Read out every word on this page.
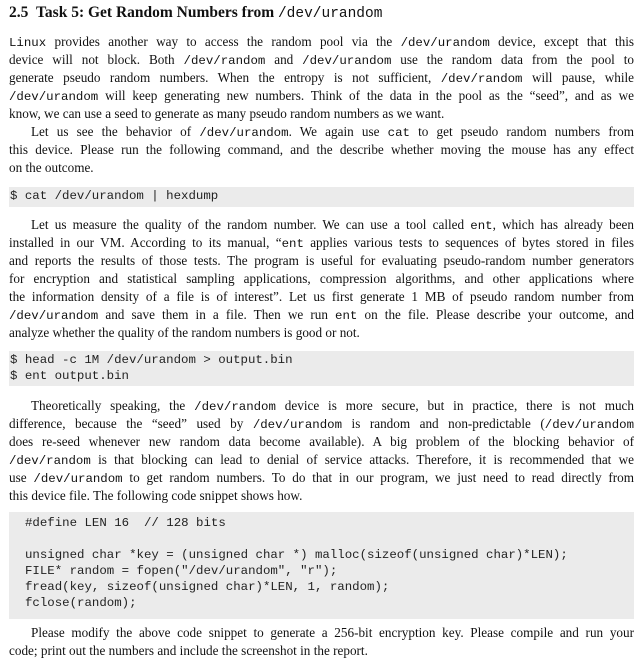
2.5 Task 5: Get Random Numbers from /dev/urandom
Linux provides another way to access the random pool via the /dev/urandom device, except that this
device will not block. Both /dev/random and /dev/urandom use the random data from the pool to
generate pseudo random numbers. When the entropy is not sufficient, /dev/random will pause, while
/dev/urandom will keep generating new numbers. Think of the data in the pool as the “seed”, and as we
know, we can use a seed to generate as many pseudo random numbers as we want.
Let us see the behavior of /dev/urandom. We again use cat to get pseudo random numbers from
this device. Please run the following command, and the describe whether moving the mouse has any effect
on the outcome.
$ cat /dev/urandom | hexdump
Let us measure the quality of the random number. We can use a tool called ent, which has already been
installed in our VM. According to its manual, “ent applies various tests to sequences of bytes stored in files
and reports the results of those tests. The program is useful for evaluating pseudo-random number generators
for encryption and statistical sampling applications, compression algorithms, and other applications where
the information density of a file is of interest”. Let us first generate 1 MB of pseudo random number from
/dev/urandom and save them in a file. Then we run ent on the file. Please describe your outcome, and
analyze whether the quality of the random numbers is good or not.
$ head -c 1M /dev/urandom > output.bin
$ ent output.bin
Theoretically speaking, the /dev/random device is more secure, but in practice, there is not much
difference, because the “seed” used by /dev/urandom is random and non-predictable (/dev/urandom
does re-seed whenever new random data become available). A big problem of the blocking behavior of
/dev/random is that blocking can lead to denial of service attacks. Therefore, it is recommended that we
use /dev/urandom to get random numbers. To do that in our program, we just need to read directly from
this device file. The following code snippet shows how.
#define LEN 16  // 128 bits
unsigned char *key = (unsigned char *) malloc(sizeof(unsigned char)*LEN);
FILE* random = fopen("/dev/urandom", "r");
fread(key, sizeof(unsigned char)*LEN, 1, random);
fclose(random);
Please modify the above code snippet to generate a 256-bit encryption key. Please compile and run your
code; print out the numbers and include the screenshot in the report.
